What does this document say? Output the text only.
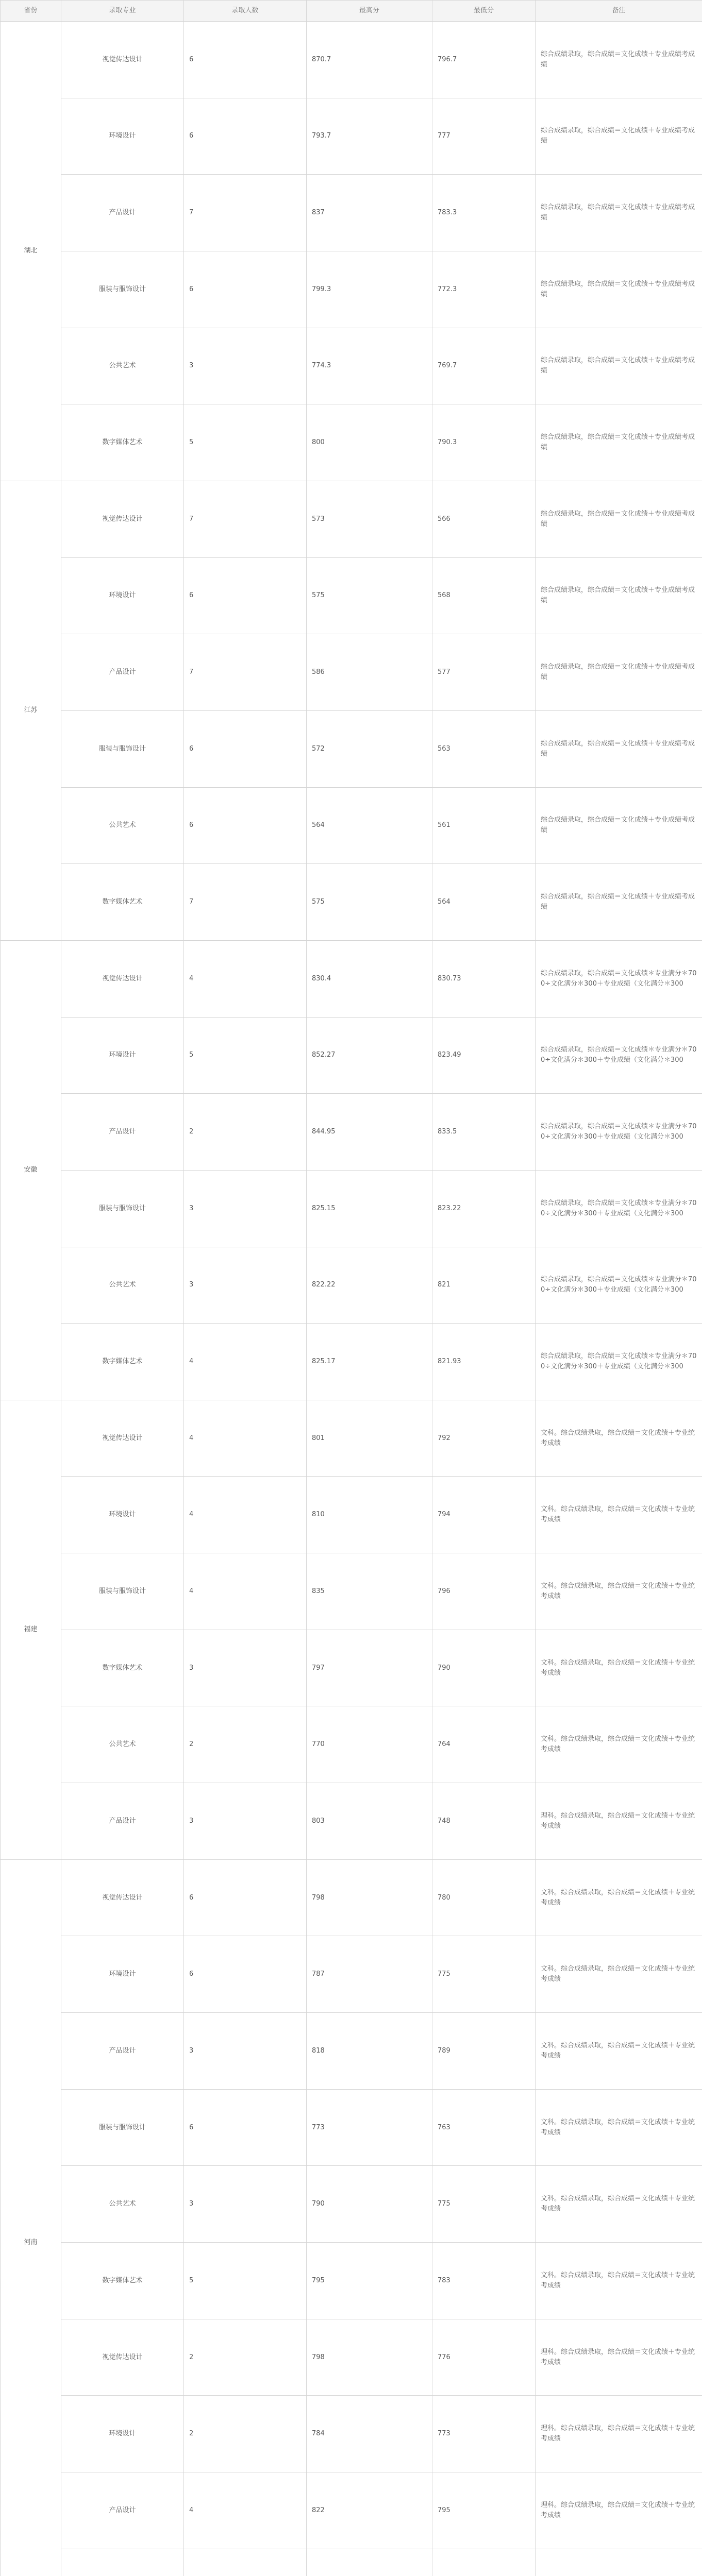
省份	录取专业	录取人数	最高分	最低分	备注
湖北	视觉传达设计	6	870.7	796.7	综合成绩录取，综合成绩＝文化成绩＋专业成绩考成绩
	环境设计	6	793.7	777	综合成绩录取，综合成绩＝文化成绩＋专业成绩考成绩
	产品设计	7	837	783.3	综合成绩录取，综合成绩＝文化成绩＋专业成绩考成绩
	服装与服饰设计	6	799.3	772.3	综合成绩录取，综合成绩＝文化成绩＋专业成绩考成绩
	公共艺术	3	774.3	769.7	综合成绩录取，综合成绩＝文化成绩＋专业成绩考成绩
	数字媒体艺术	5	800	790.3	综合成绩录取，综合成绩＝文化成绩＋专业成绩考成绩
江苏	视觉传达设计	7	573	566	综合成绩录取，综合成绩＝文化成绩＋专业成绩考成绩
	环境设计	6	575	568	综合成绩录取，综合成绩＝文化成绩＋专业成绩考成绩
	产品设计	7	586	577	综合成绩录取，综合成绩＝文化成绩＋专业成绩考成绩
	服装与服饰设计	6	572	563	综合成绩录取，综合成绩＝文化成绩＋专业成绩考成绩
	公共艺术	6	564	561	综合成绩录取，综合成绩＝文化成绩＋专业成绩考成绩
	数字媒体艺术	7	575	564	综合成绩录取，综合成绩＝文化成绩＋专业成绩考成绩
安徽	视觉传达设计	4	830.4	830.73	综合成绩录取，综合成绩＝文化成绩＊专业满分＊70 0÷文化满分＊300＋专业成绩（文化满分＊300
	环境设计	5	852.27	823.49	综合成绩录取，综合成绩＝文化成绩＊专业满分＊70 0÷文化满分＊300＋专业成绩（文化满分＊300
	产品设计	2	844.95	833.5	综合成绩录取，综合成绩＝文化成绩＊专业满分＊70 0÷文化满分＊300＋专业成绩（文化满分＊300
	服装与服饰设计	3	825.15	823.22	综合成绩录取，综合成绩＝文化成绩＊专业满分＊70 0÷文化满分＊300＋专业成绩（文化满分＊300
	公共艺术	3	822.22	821	综合成绩录取，综合成绩＝文化成绩＊专业满分＊70 0÷文化满分＊300＋专业成绩（文化满分＊300
	数字媒体艺术	4	825.17	821.93	综合成绩录取，综合成绩＝文化成绩＊专业满分＊70 0÷文化满分＊300＋专业成绩（文化满分＊300
福建	视觉传达设计	4	801	792	文科。综合成绩录取，综合成绩＝文化成绩＋专业统考成绩
	环境设计	4	810	794	文科。综合成绩录取，综合成绩＝文化成绩＋专业统考成绩
	服装与服饰设计	4	835	796	文科。综合成绩录取，综合成绩＝文化成绩＋专业统考成绩
	数字媒体艺术	3	797	790	文科。综合成绩录取，综合成绩＝文化成绩＋专业统考成绩
	公共艺术	2	770	764	文科。综合成绩录取，综合成绩＝文化成绩＋专业统考成绩
	产品设计	3	803	748	理科。综合成绩录取，综合成绩＝文化成绩＋专业统考成绩
河南	视觉传达设计	6	798	780	文科。综合成绩录取，综合成绩＝文化成绩＋专业统考成绩
	环境设计	6	787	775	文科。综合成绩录取，综合成绩＝文化成绩＋专业统考成绩
	产品设计	3	818	789	文科。综合成绩录取，综合成绩＝文化成绩＋专业统考成绩
	服装与服饰设计	6	773	763	文科。综合成绩录取，综合成绩＝文化成绩＋专业统考成绩
	公共艺术	3	790	775	文科。综合成绩录取，综合成绩＝文化成绩＋专业统考成绩
	数字媒体艺术	5	795	783	文科。综合成绩录取，综合成绩＝文化成绩＋专业统考成绩
	视觉传达设计	2	798	776	理科。综合成绩录取，综合成绩＝文化成绩＋专业统考成绩
	环境设计	2	784	773	理科。综合成绩录取，综合成绩＝文化成绩＋专业统考成绩
	产品设计	4	822	795	理科。综合成绩录取，综合成绩＝文化成绩＋专业统考成绩
